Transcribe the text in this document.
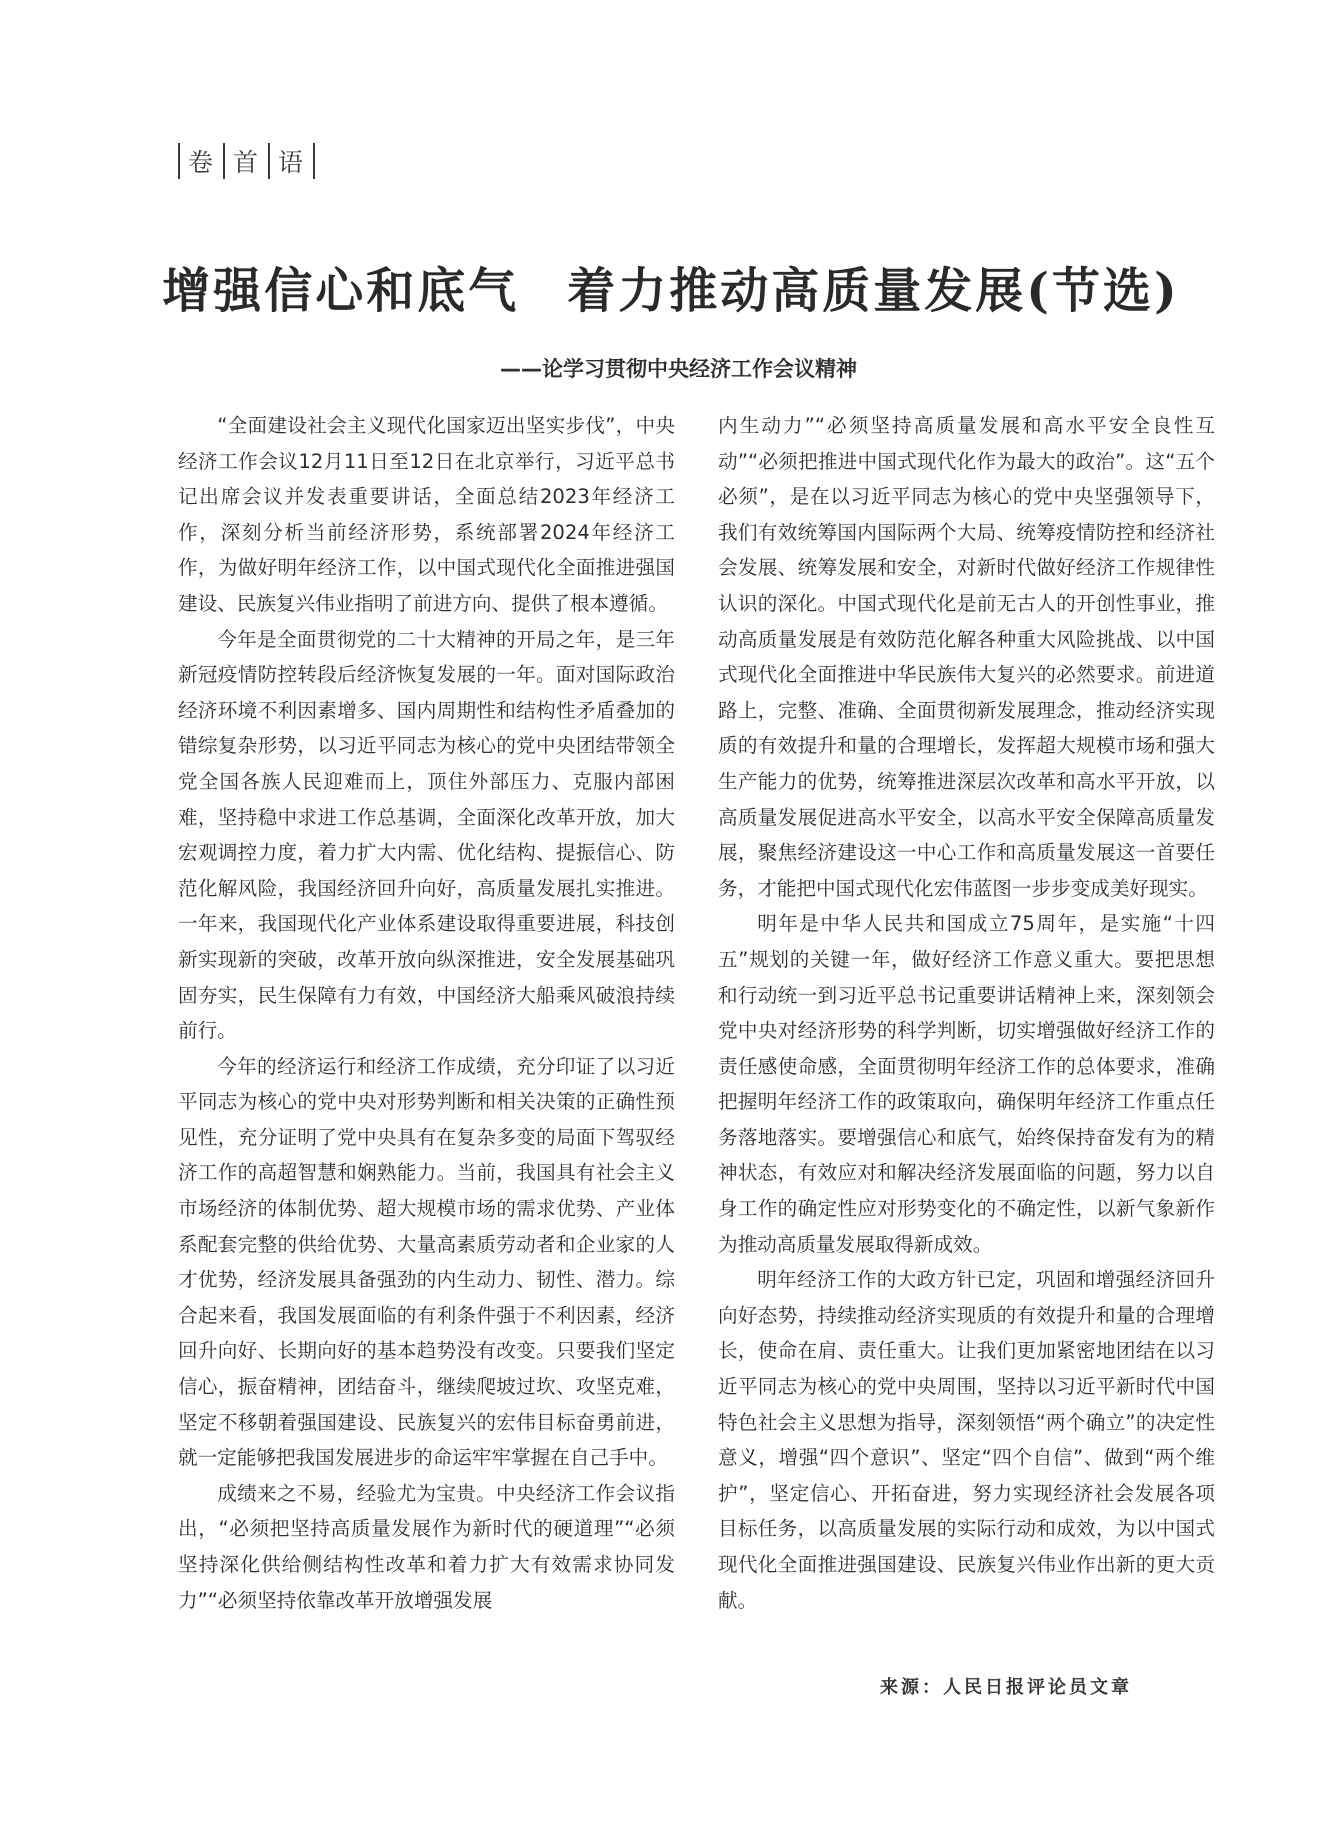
卷 首 语
增强信心和底气 着力推动高质量发展(节选)
——论学习贯彻中央经济工作会议精神

“全面建设社会主义现代化国家迈出坚实步伐”，中央经济工作会议12月11日至12日在北京举行，习近平总书记出席会议并发表重要讲话，全面总结2023年经济工作，深刻分析当前经济形势，系统部署2024年经济工作，为做好明年经济工作，以中国式现代化全面推进强国建设、民族复兴伟业指明了前进方向、提供了根本遵循。

今年是全面贯彻党的二十大精神的开局之年，是三年新冠疫情防控转段后经济恢复发展的一年。面对国际政治经济环境不利因素增多、国内周期性和结构性矛盾叠加的错综复杂形势，以习近平同志为核心的党中央团结带领全党全国各族人民迎难而上，顶住外部压力、克服内部困难，坚持稳中求进工作总基调，全面深化改革开放，加大宏观调控力度，着力扩大内需、优化结构、提振信心、防范化解风险，我国经济回升向好，高质量发展扎实推进。一年来，我国现代化产业体系建设取得重要进展，科技创新实现新的突破，改革开放向纵深推进，安全发展基础巩固夯实，民生保障有力有效，中国经济大船乘风破浪持续前行。

今年的经济运行和经济工作成绩，充分印证了以习近平同志为核心的党中央对形势判断和相关决策的正确性预见性，充分证明了党中央具有在复杂多变的局面下驾驭经济工作的高超智慧和娴熟能力。当前，我国具有社会主义市场经济的体制优势、超大规模市场的需求优势、产业体系配套完整的供给优势、大量高素质劳动者和企业家的人才优势，经济发展具备强劲的内生动力、韧性、潜力。综合起来看，我国发展面临的有利条件强于不利因素，经济回升向好、长期向好的基本趋势没有改变。只要我们坚定信心，振奋精神，团结奋斗，继续爬坡过坎、攻坚克难，坚定不移朝着强国建设、民族复兴的宏伟目标奋勇前进，就一定能够把我国发展进步的命运牢牢掌握在自己手中。

成绩来之不易，经验尤为宝贵。中央经济工作会议指出，“必须把坚持高质量发展作为新时代的硬道理”“必须坚持深化供给侧结构性改革和着力扩大有效需求协同发力”“必须坚持依靠改革开放增强发展

内生动力”“必须坚持高质量发展和高水平安全良性互动”“必须把推进中国式现代化作为最大的政治”。这“五个必须”，是在以习近平同志为核心的党中央坚强领导下，我们有效统筹国内国际两个大局、统筹疫情防控和经济社会发展、统筹发展和安全，对新时代做好经济工作规律性认识的深化。中国式现代化是前无古人的开创性事业，推动高质量发展是有效防范化解各种重大风险挑战、以中国式现代化全面推进中华民族伟大复兴的必然要求。前进道路上，完整、准确、全面贯彻新发展理念，推动经济实现质的有效提升和量的合理增长，发挥超大规模市场和强大生产能力的优势，统筹推进深层次改革和高水平开放，以高质量发展促进高水平安全，以高水平安全保障高质量发展，聚焦经济建设这一中心工作和高质量发展这一首要任务，才能把中国式现代化宏伟蓝图一步步变成美好现实。

明年是中华人民共和国成立75周年，是实施“十四五”规划的关键一年，做好经济工作意义重大。要把思想和行动统一到习近平总书记重要讲话精神上来，深刻领会党中央对经济形势的科学判断，切实增强做好经济工作的责任感使命感，全面贯彻明年经济工作的总体要求，准确把握明年经济工作的政策取向，确保明年经济工作重点任务落地落实。要增强信心和底气，始终保持奋发有为的精神状态，有效应对和解决经济发展面临的问题，努力以自身工作的确定性应对形势变化的不确定性，以新气象新作为推动高质量发展取得新成效。

明年经济工作的大政方针已定，巩固和增强经济回升向好态势，持续推动经济实现质的有效提升和量的合理增长，使命在肩、责任重大。让我们更加紧密地团结在以习近平同志为核心的党中央周围，坚持以习近平新时代中国特色社会主义思想为指导，深刻领悟“两个确立”的决定性意义，增强“四个意识”、坚定“四个自信”、做到“两个维护”，坚定信心、开拓奋进，努力实现经济社会发展各项目标任务，以高质量发展的实际行动和成效，为以中国式现代化全面推进强国建设、民族复兴伟业作出新的更大贡献。

来源：人民日报评论员文章
